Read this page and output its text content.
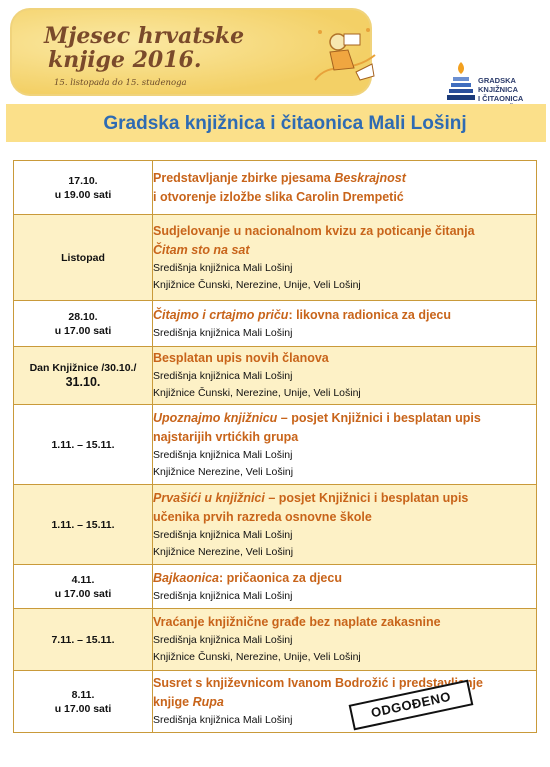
Mjesec hrvatske
knjige 2016.
15. listopada do 15. studenoga	GRADSKA KNJIŽNICA
I ČITAONICA
Gradska knjižnica i čitaonica Mali Lošinj
17.10.
u 19.00 sati	Predstavljanje zbirke pjesama Beskrajnost
i otvorenje izložbe slika Carolin Drempetić

Listopad	Sudjelovanje u nacionalnom kvizu za poticanje čitanja
Čitam sto na sat
Središnja knjižnica Mali Lošinj
Knjižnice Čunski, Nerezine, Unije, Veli Lošinj

28.10.
u 17.00 sati	Čitajmo i crtajmo priču: likovna radionica za djecu
Središnja knjižnica Mali Lošinj

Dan Knjižnice /30.10./
31.10.	Besplatan upis novih članova
Središnja knjižnica Mali Lošinj
Knjižnice Čunski, Nerezine, Unije, Veli Lošinj

1.11. – 15.11.	Upoznajmo knjižnicu – posjet Knjižnici i besplatan upis
najstarijih vrtićkih grupa
Središnja knjižnica Mali Lošinj
Knjižnice Nerezine, Veli Lošinj

1.11. – 15.11.	Prvašići u knjižnici – posjet Knjižnici i besplatan upis
učenika prvih razreda osnovne škole
Središnja knjižnica Mali Lošinj
Knjižnice Nerezine, Veli Lošinj

4.11.
u 17.00 sati	Bajkaonica: pričaonica za djecu
Središnja knjižnica Mali Lošinj

7.11. – 15.11.	Vraćanje knjižnične građe bez naplate zakasnine
Središnja knjižnica Mali Lošinj
Knjižnice Čunski, Nerezine, Unije, Veli Lošinj

8.11.
u 17.00 sati	Susret s književnicom Ivanom Bodrožić i predstavljanje
knjige Rupa
Središnja knjižnica Mali Lošinj	ODGOĐENO
